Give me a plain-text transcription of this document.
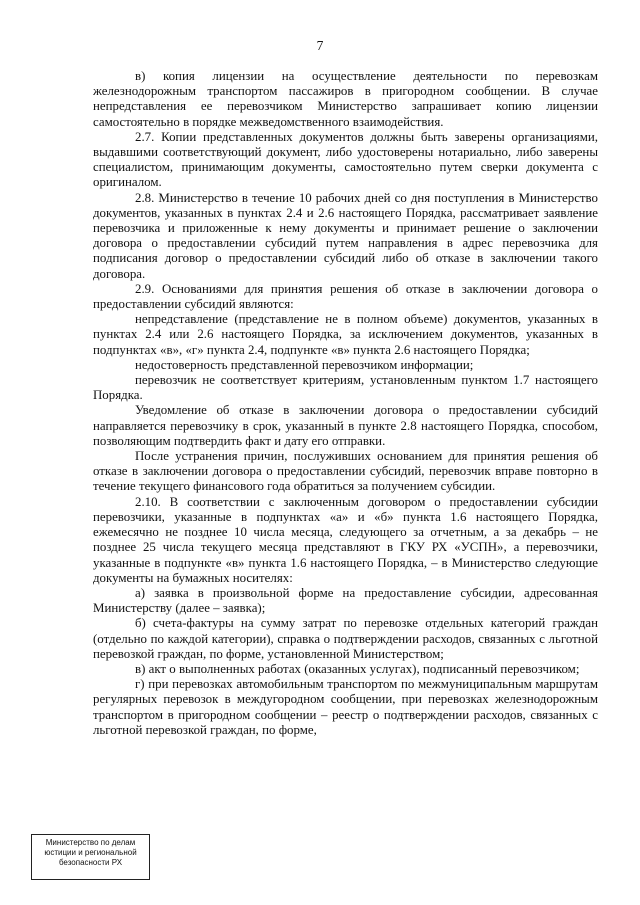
7

в) копия лицензии на осуществление деятельности по перевозкам железнодорожным транспортом пассажиров в пригородном сообщении. В случае непредставления ее перевозчиком Министерство запрашивает копию лицензии самостоятельно в порядке межведомственного взаимодействия.

2.7. Копии представленных документов должны быть заверены организациями, выдавшими соответствующий документ, либо удостоверены нотариально, либо заверены специалистом, принимающим документы, самостоятельно путем сверки документа с оригиналом.

2.8. Министерство в течение 10 рабочих дней со дня поступления в Министерство документов, указанных в пунктах 2.4 и 2.6 настоящего Порядка, рассматривает заявление перевозчика и приложенные к нему документы и принимает решение о заключении договора о предоставлении субсидий путем направления в адрес перевозчика для подписания договор о предоставлении субсидий либо об отказе в заключении такого договора.

2.9. Основаниями для принятия решения об отказе в заключении договора о предоставлении субсидий являются:

непредставление (представление не в полном объеме) документов, указанных в пунктах 2.4 или 2.6 настоящего Порядка, за исключением документов, указанных в подпунктах «в», «г» пункта 2.4, подпункте «в» пункта 2.6 настоящего Порядка;

недостоверность представленной перевозчиком информации;

перевозчик не соответствует критериям, установленным пунктом 1.7 настоящего Порядка.

Уведомление об отказе в заключении договора о предоставлении субсидий направляется перевозчику в срок, указанный в пункте 2.8 настоящего Порядка, способом, позволяющим подтвердить факт и дату его отправки.

После устранения причин, послуживших основанием для принятия решения об отказе в заключении договора о предоставлении субсидий, перевозчик вправе повторно в течение текущего финансового года обратиться за получением субсидии.

2.10. В соответствии с заключенным договором о предоставлении субсидии перевозчики, указанные в подпунктах «а» и «б» пункта 1.6 настоящего Порядка, ежемесячно не позднее 10 числа месяца, следующего за отчетным, а за декабрь – не позднее 25 числа текущего месяца представляют в ГКУ РХ «УСПН», а перевозчики, указанные в подпункте «в» пункта 1.6 настоящего Порядка, – в Министерство следующие документы на бумажных носителях:

а) заявка в произвольной форме на предоставление субсидии, адресованная Министерству (далее – заявка);

б) счета-фактуры на сумму затрат по перевозке отдельных категорий граждан (отдельно по каждой категории), справка о подтверждении расходов, связанных с льготной перевозкой граждан, по форме, установленной Министерством;

в) акт о выполненных работах (оказанных услугах), подписанный перевозчиком;

г) при перевозках автомобильным транспортом по межмуниципальным маршрутам регулярных перевозок в междугородном сообщении, при перевозках железнодорожным транспортом в пригородном сообщении – реестр о подтверждении расходов, связанных с льготной перевозкой граждан, по форме,

Министерство по делам
юстиции и региональной
безопасности РХ
